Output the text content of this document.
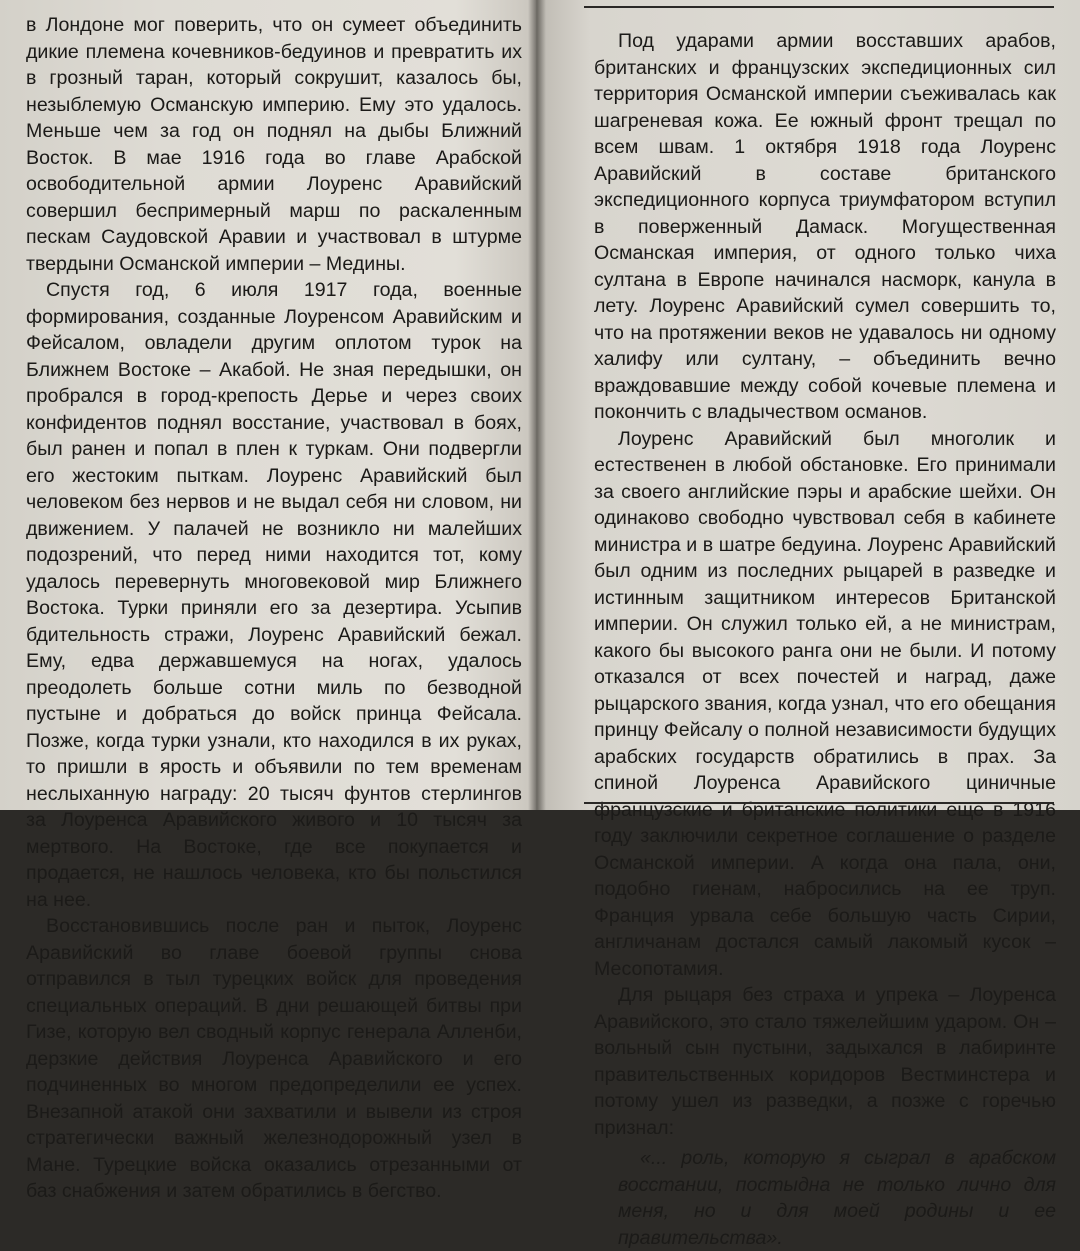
в Лондоне мог поверить, что он сумеет объединить дикие племена кочевников-бедуинов и превратить их в грозный таран, который сокрушит, казалось бы, незыблемую Османскую империю. Ему это удалось. Меньше чем за год он поднял на дыбы Ближний Восток. В мае 1916 года во главе Арабской освободительной армии Лоуренс Аравийский совершил беспримерный марш по раскаленным пескам Саудовской Аравии и участвовал в штурме твердыни Османской империи – Медины.

Спустя год, 6 июля 1917 года, военные формирования, созданные Лоуренсом Аравийским и Фейсалом, овладели другим оплотом турок на Ближнем Востоке – Акабой. Не зная передышки, он пробрался в город-крепость Дерье и через своих конфидентов поднял восстание, участвовал в боях, был ранен и попал в плен к туркам. Они подвергли его жестоким пыткам. Лоуренс Аравийский был человеком без нервов и не выдал себя ни словом, ни движением. У палачей не возникло ни малейших подозрений, что перед ними находится тот, кому удалось перевернуть многовековой мир Ближнего Востока. Турки приняли его за дезертира. Усыпив бдительность стражи, Лоуренс Аравийский бежал. Ему, едва державшемуся на ногах, удалось преодолеть больше сотни миль по безводной пустыне и добраться до войск принца Фейсала. Позже, когда турки узнали, кто находился в их руках, то пришли в ярость и объявили по тем временам неслыханную награду: 20 тысяч фунтов стерлингов за Лоуренса Аравийского живого и 10 тысяч за мертвого. На Востоке, где все покупается и продается, не нашлось человека, кто бы польстился на нее.

Восстановившись после ран и пыток, Лоуренс Аравийский во главе боевой группы снова отправился в тыл турецких войск для проведения специальных операций. В дни решающей битвы при Гизе, которую вел сводный корпус генерала Алленби, дерзкие действия Лоуренса Аравийского и его подчиненных во многом предопределили ее успех. Внезапной атакой они захватили и вывели из строя стратегически важный железнодорожный узел в Мане. Турецкие войска оказались отрезанными от баз снабжения и затем обратились в бегство.

Под ударами армии восставших арабов, британских и французских экспедиционных сил территория Османской империи съеживалась как шагреневая кожа. Ее южный фронт трещал по всем швам. 1 октября 1918 года Лоуренс Аравийский в составе британского экспедиционного корпуса триумфатором вступил в поверженный Дамаск. Могущественная Османская империя, от одного только чиха султана в Европе начинался насморк, канула в лету. Лоуренс Аравийский сумел совершить то, что на протяжении веков не удавалось ни одному халифу или султану, – объединить вечно враждовавшие между собой кочевые племена и покончить с владычеством османов.

Лоуренс Аравийский был многолик и естественен в любой обстановке. Его принимали за своего английские пэры и арабские шейхи. Он одинаково свободно чувствовал себя в кабинете министра и в шатре бедуина. Лоуренс Аравийский был одним из последних рыцарей в разведке и истинным защитником интересов Британской империи. Он служил только ей, а не министрам, какого бы высокого ранга они не были. И потому отказался от всех почестей и наград, даже рыцарского звания, когда узнал, что его обещания принцу Фейсалу о полной независимости будущих арабских государств обратились в прах. За спиной Лоуренса Аравийского циничные французские и британские политики еще в 1916 году заключили секретное соглашение о разделе Османской империи. А когда она пала, они, подобно гиенам, набросились на ее труп. Франция урвала себе большую часть Сирии, англичанам достался самый лакомый кусок – Месопотамия.

Для рыцаря без страха и упрека – Лоуренса Аравийского, это стало тяжелейшим ударом. Он – вольный сын пустыни, задыхался в лабиринте правительственных коридоров Вестминстера и потому ушел из разведки, а позже с горечью признал:

«... роль, которую я сыграл в арабском восстании, постыдна не только лично для меня, но и для моей родины и ее правительства».
